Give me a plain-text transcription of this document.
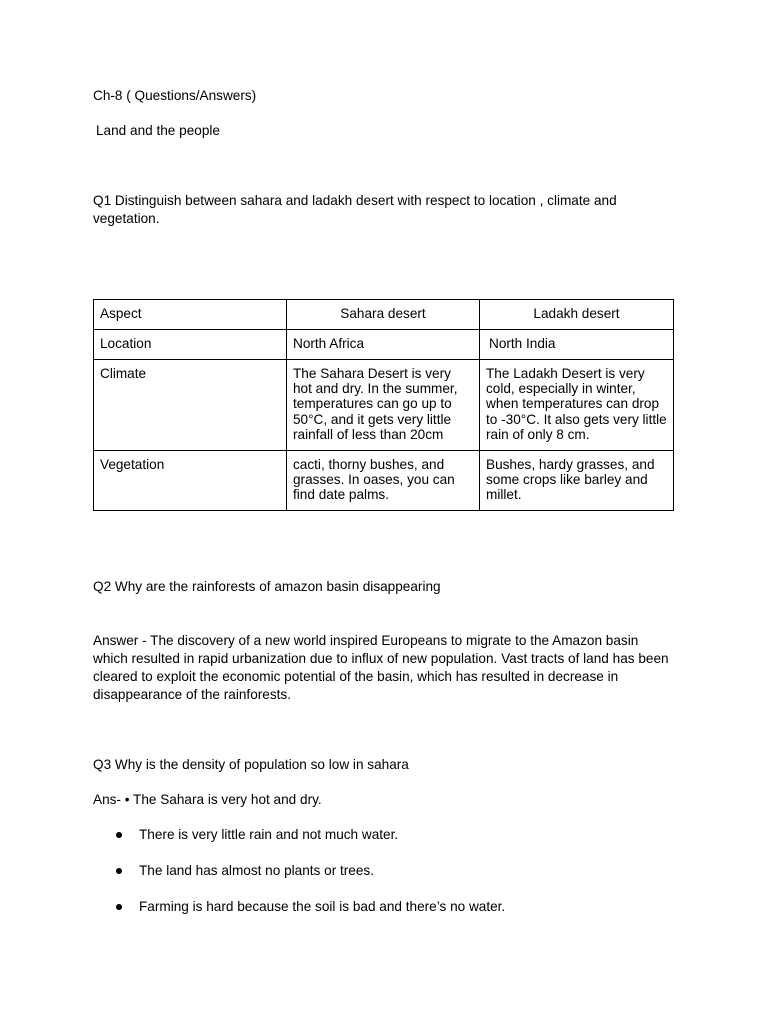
Ch-8 ( Questions/Answers)

Land and the people

Q1 Distinguish between sahara and ladakh desert with respect to location , climate and vegetation.

Aspect	Sahara desert	Ladakh desert
Location	North Africa	North India
Climate	The Sahara Desert is very hot and dry. In the summer, temperatures can go up to 50°C, and it gets very little rainfall of less than 20cm	The Ladakh Desert is very cold, especially in winter, when temperatures can drop to -30°C. It also gets very little rain of only 8 cm.
Vegetation	cacti, thorny bushes, and grasses. In oases, you can find date palms.	Bushes, hardy grasses, and some crops like barley and millet.

Q2 Why are the rainforests of amazon basin disappearing

Answer - The discovery of a new world inspired Europeans to migrate to the Amazon basin which resulted in rapid urbanization due to influx of new population. Vast tracts of land has been cleared to exploit the economic potential of the basin, which has resulted in decrease in disappearance of the rainforests.

Q3 Why is the density of population so low in sahara

Ans- • The Sahara is very hot and dry.

There is very little rain and not much water.
The land has almost no plants or trees.
Farming is hard because the soil is bad and there’s no water.
